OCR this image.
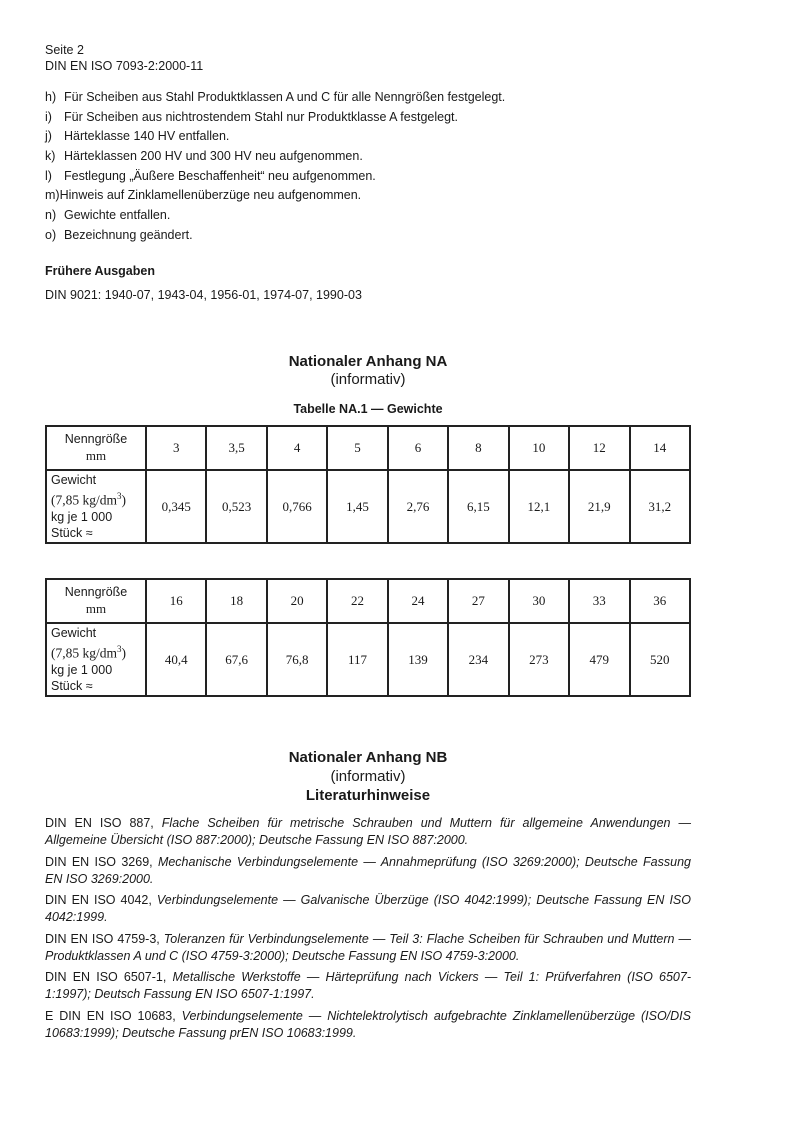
Seite 2
DIN EN ISO 7093-2:2000-11
h) Für Scheiben aus Stahl Produktklassen A und C für alle Nenngrößen festgelegt.
i) Für Scheiben aus nichtrostendem Stahl nur Produktklasse A festgelegt.
j) Härteklasse 140 HV entfallen.
k) Härteklassen 200 HV und 300 HV neu aufgenommen.
l) Festlegung „Äußere Beschaffenheit“ neu aufgenommen.
m)Hinweis auf Zinklamellenüberzüge neu aufgenommen.
n) Gewichte entfallen.
o) Bezeichnung geändert.
Frühere Ausgaben
DIN 9021: 1940-07, 1943-04, 1956-01, 1974-07, 1990-03
Nationaler Anhang NA
(informativ)
Tabelle NA.1 — Gewichte
Nenngröße
mm	3	3,5	4	5	6	8	10	12	14

Gewicht
(7,85 $kg/dm^3$)
kg je 1 000
Stück ≈	0,345	0,523	0,766	1,45	2,76	6,15	12,1	21,9	31,2
Nenngröße
mm	16	18	20	22	24	27	30	33	36

Gewicht
(7,85 $kg/dm^3$)
kg je 1 000
Stück ≈	40,4	67,6	76,8	117	139	234	273	479	520
Nationaler Anhang NB
(informativ)
Literaturhinweise
DIN EN ISO 887, Flache Scheiben für metrische Schrauben und Muttern für allgemeine Anwendungen — Allgemeine Übersicht (ISO 887:2000); Deutsche Fassung EN ISO 887:2000.
DIN EN ISO 3269, Mechanische Verbindungselemente — Annahmeprüfung (ISO 3269:2000); Deutsche Fassung EN ISO 3269:2000.
DIN EN ISO 4042, Verbindungselemente — Galvanische Überzüge (ISO 4042:1999); Deutsche Fassung EN ISO 4042:1999.
DIN EN ISO 4759-3, Toleranzen für Verbindungselemente — Teil 3: Flache Scheiben für Schrauben und Muttern — Produktklassen A und C (ISO 4759-3:2000); Deutsche Fassung EN ISO 4759-3:2000.
DIN EN ISO 6507-1, Metallische Werkstoffe — Härteprüfung nach Vickers — Teil 1: Prüfverfahren (ISO 6507-1:1997); Deutsch Fassung EN ISO 6507-1:1997.
E DIN EN ISO 10683, Verbindungselemente — Nichtelektrolytisch aufgebrachte Zinklamellenüberzüge (ISO/DIS 10683:1999); Deutsche Fassung prEN ISO 10683:1999.
